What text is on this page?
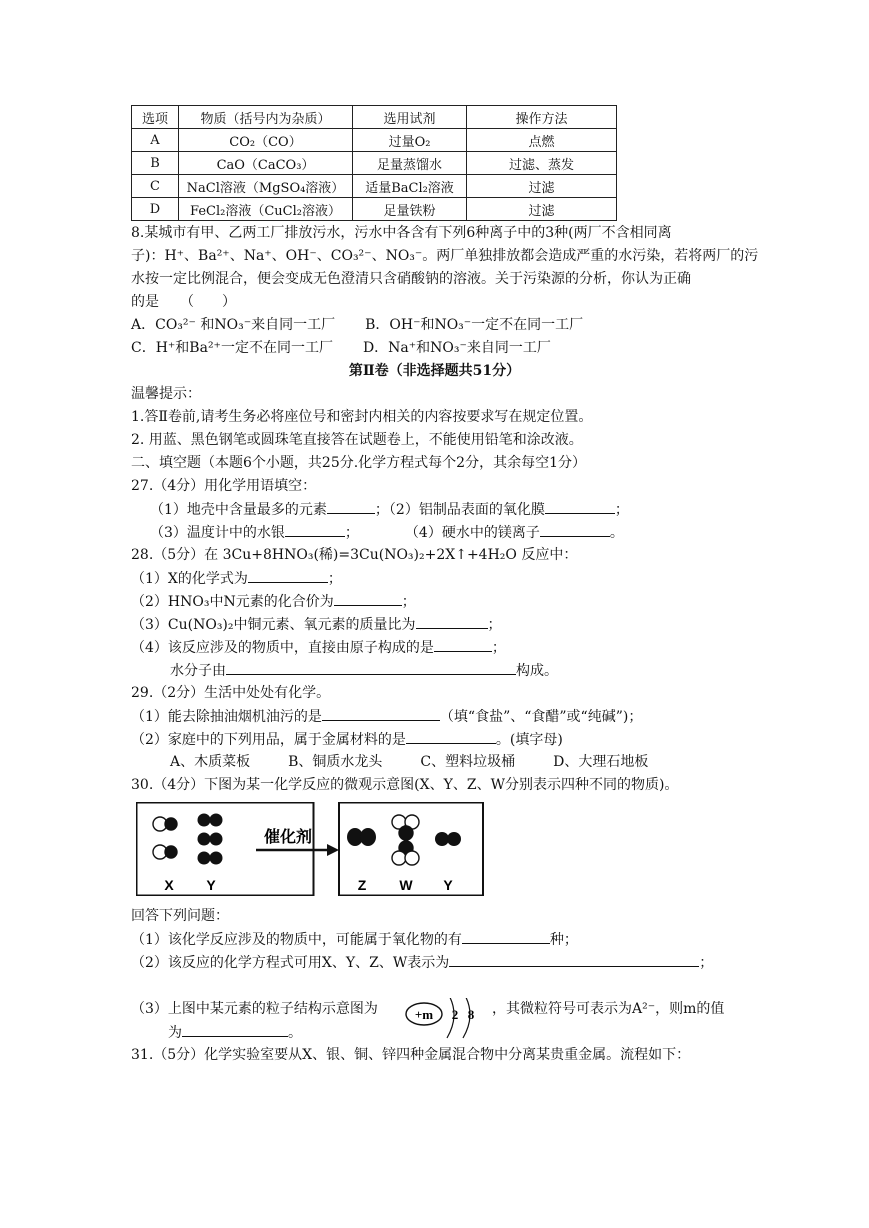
选项	物质（括号内为杂质）	选用试剂	操作方法
A	CO₂（CO）	过量O₂	点燃
B	CaO（CaCO₃）	足量蒸馏水	过滤、蒸发
C	NaCl溶液（MgSO₄溶液）	适量BaCl₂溶液	过滤
D	FeCl₂溶液（CuCl₂溶液）	足量铁粉	过滤
8.某城市有甲、乙两工厂排放污水，污水中各含有下列6种离子中的3种(两厂不含相同离
子)：H⁺、Ba²⁺、Na⁺、OH⁻、CO₃²⁻、NO₃⁻。两厂单独排放都会造成严重的水污染，若将两厂的污
水按一定比例混合，便会变成无色澄清只含硝酸钠的溶液。关于污染源的分析，你认为正确
的是　　（　　）
A．CO₃²⁻ 和NO₃⁻来自同一工厂 B．OH⁻和NO₃⁻一定不在同一工厂
C．H⁺和Ba²⁺一定不在同一工厂 D．Na⁺和NO₃⁻来自同一工厂
第Ⅱ卷（非选择题共51分）
温馨提示：
1.答Ⅱ卷前,请考生务必将座位号和密封内相关的内容按要求写在规定位置。
2. 用蓝、黑色钢笔或圆珠笔直接答在试题卷上，不能使用铅笔和涂改液。
二、填空题（本题6个小题，共25分.化学方程式每个2分，其余每空1分）
27.（4分）用化学用语填空：
（1）地壳中含量最多的元素	；（2）铝制品表面的氧化膜	；
（3）温度计中的水银	；	（4）硬水中的镁离子	。
28.（5分）在 3Cu+8HNO₃(稀)=3Cu(NO₃)₂+2X↑+4H₂O 反应中：
（1）X的化学式为	；
（2）HNO₃中N元素的化合价为	；
（3）Cu(NO₃)₂中铜元素、氧元素的质量比为	；
（4）该反应涉及的物质中，直接由原子构成的是	；
水分子由	构成。
29.（2分）生活中处处有化学。
（1）能去除抽油烟机油污的是	（填“食盐”、“食醋”或“纯碱”)；
（2）家庭中的下列用品，属于金属材料的是	。(填字母)
A、木质菜板	B、铜质水龙头	C、塑料垃圾桶	D、大理石地板
30.（4分）下图为某一化学反应的微观示意图(X、Y、Z、W分别表示四种不同的物质)。
X Y
催化剂
Z W Y
回答下列问题：
（1）该化学反应涉及的物质中，可能属于氧化物的有	种；
（2）该反应的化学方程式可用X、Y、Z、W表示为	；
（3）上图中某元素的粒子结构示意图为	+m 2 8 ，其微粒符号可表示为A²⁻，则m的值
为	。
31.（5分）化学实验室要从X、银、铜、锌四种金属混合物中分离某贵重金属。流程如下：
